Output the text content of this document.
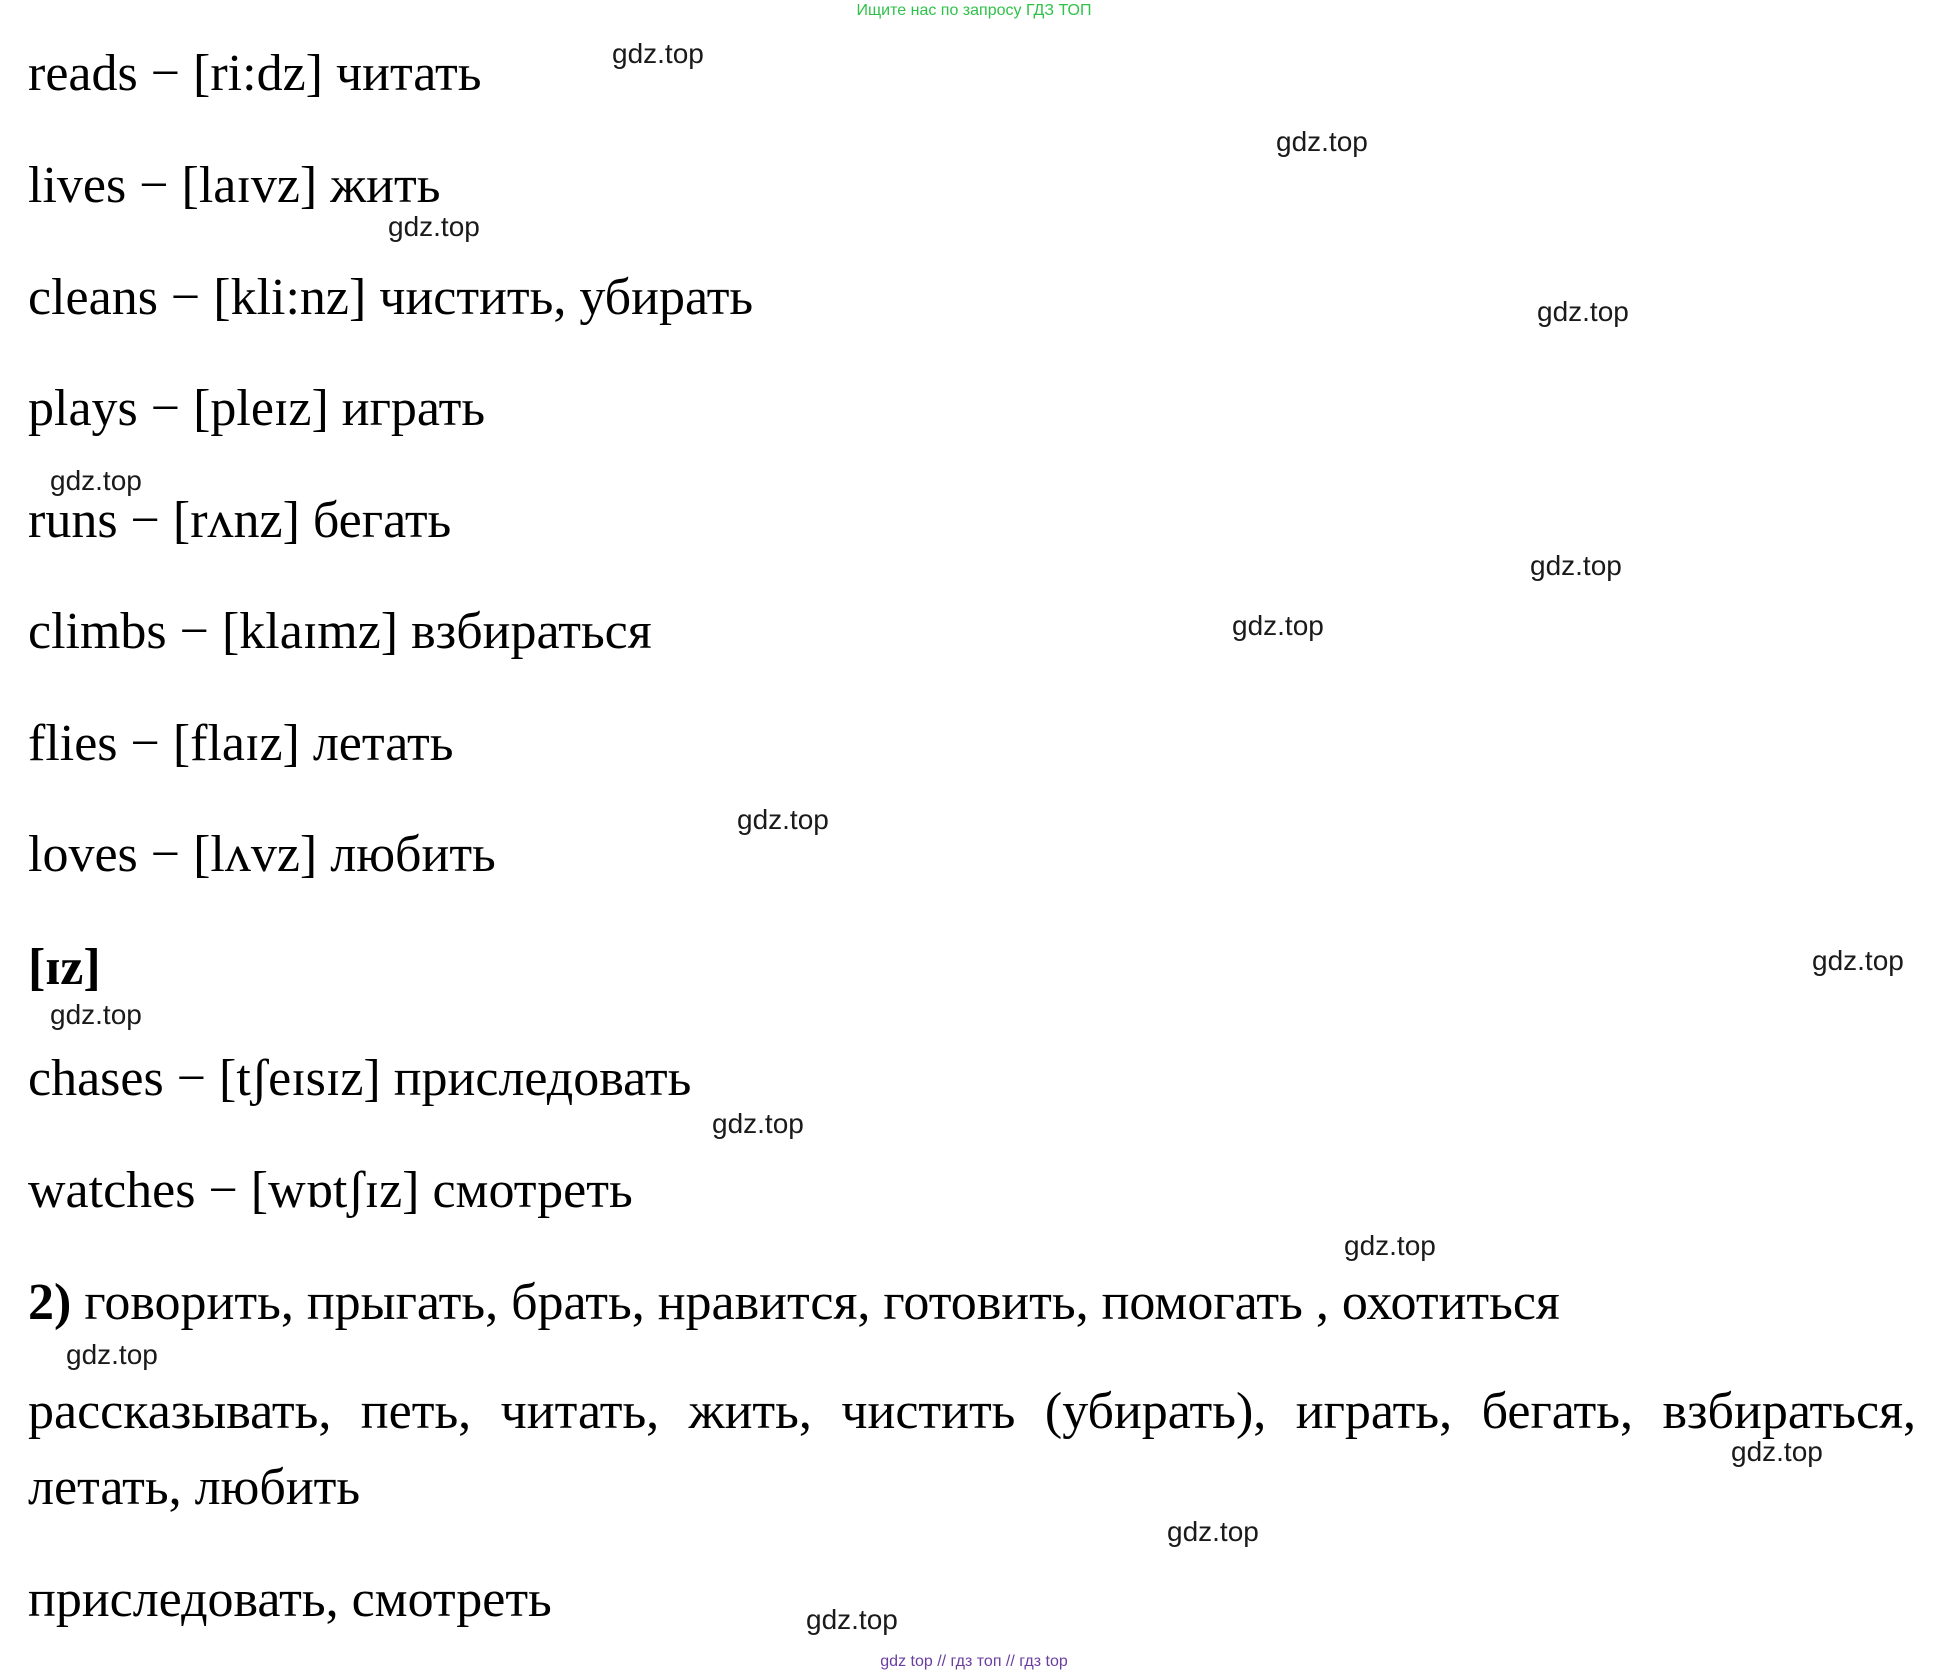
Ищите нас по запросу ГДЗ ТОП
reads − [ri:dz] читать
lives − [laɪvz] жить
cleans − [kli:nz] чистить, убирать
plays − [pleɪz] играть
runs − [rʌnz] бегать
climbs − [klaɪmz] взбираться
flies − [flaɪz] летать
loves − [lʌvz] любить
[ɪz]
chases − [tʃeɪsɪz] приследовать
watches − [wɒtʃɪz] смотреть
2) говорить, прыгать, брать, нравится, готовить, помогать , охотиться
рассказывать, петь, читать, жить, чистить (убирать), играть, бегать, взбираться, летать, любить
приследовать, смотреть
gdz.top
gdz.top
gdz.top
gdz.top
gdz.top
gdz.top
gdz.top
gdz.top
gdz.top
gdz.top
gdz.top
gdz.top
gdz.top
gdz.top
gdz.top
gdz.top
gdz top // гдз топ // гдз top
